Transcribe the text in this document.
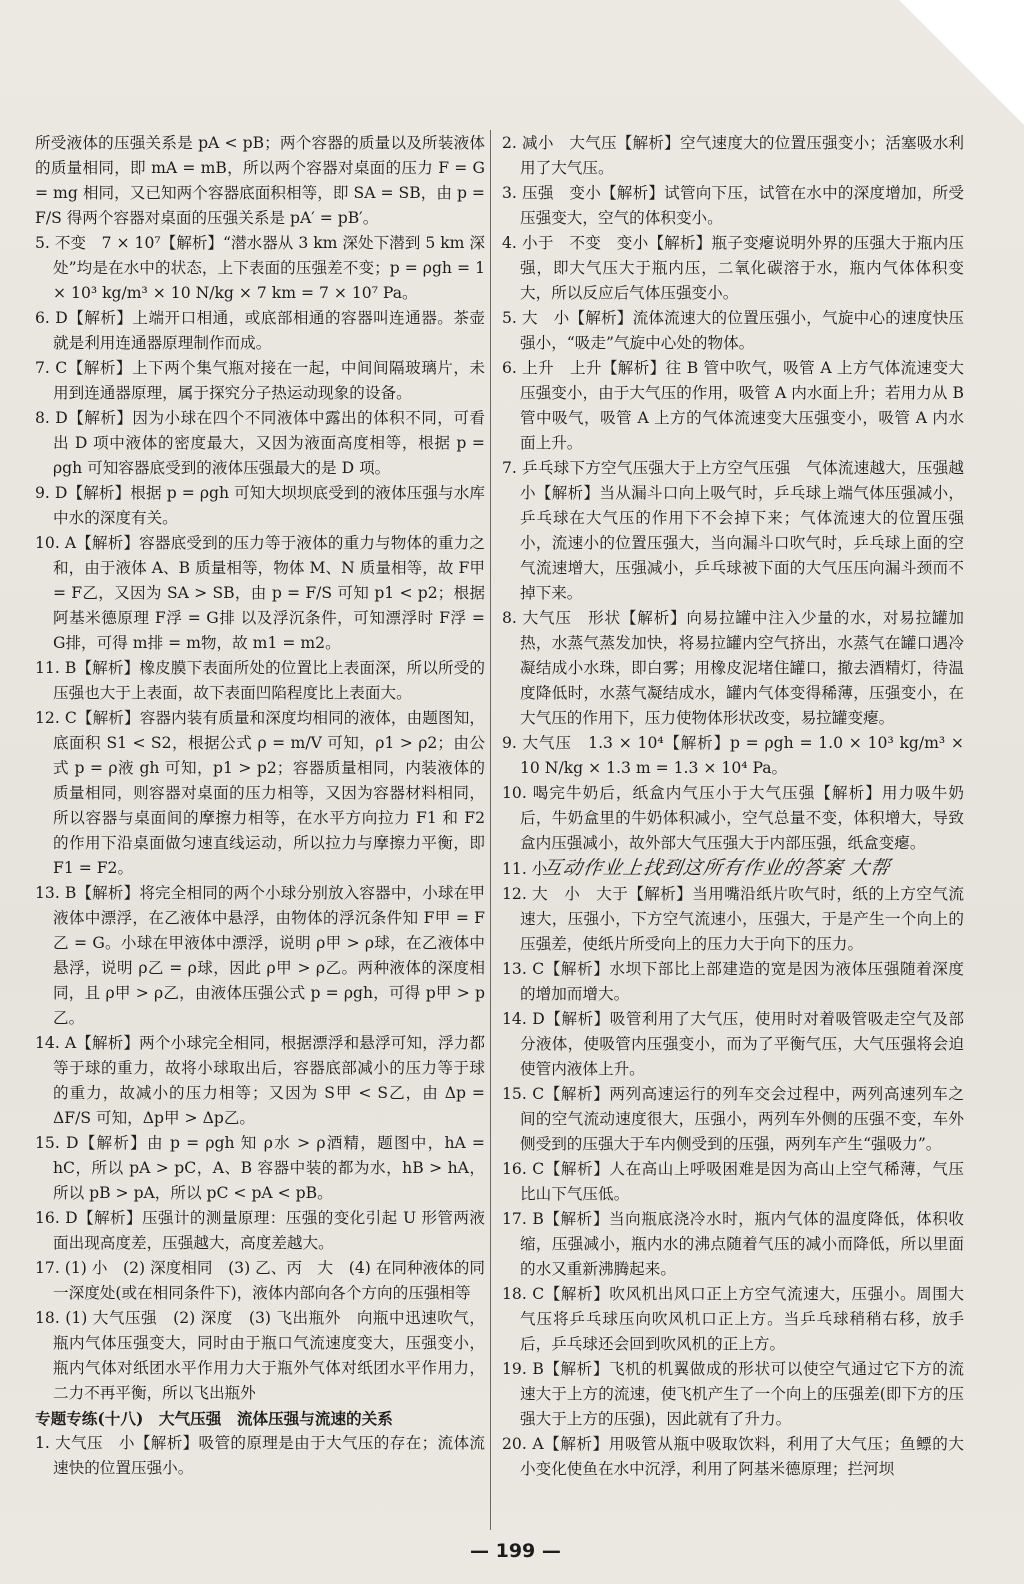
所受液体的压强关系是 pA < pB；两个容器的质量以及所装液体的质量相同，即 mA = mB，所以两个容器对桌面的压力 F = G = mg 相同，又已知两个容器底面积相等，即 SA = SB，由 p = F/S 得两个容器对桌面的压强关系是 pA′ = pB′。

5. 不变　7 × 10⁷【解析】“潜水器从 3 km 深处下潜到 5 km 深处”均是在水中的状态，上下表面的压强差不变；p = ρgh = 1 × 10³ kg/m³ × 10 N/kg × 7 km = 7 × 10⁷ Pa。

6. D【解析】上端开口相通，或底部相通的容器叫连通器。茶壶就是利用连通器原理制作而成。

7. C【解析】上下两个集气瓶对接在一起，中间间隔玻璃片，未用到连通器原理，属于探究分子热运动现象的设备。

8. D【解析】因为小球在四个不同液体中露出的体积不同，可看出 D 项中液体的密度最大，又因为液面高度相等，根据 p = ρgh 可知容器底受到的液体压强最大的是 D 项。

9. D【解析】根据 p = ρgh 可知大坝坝底受到的液体压强与水库中水的深度有关。

10. A【解析】容器底受到的压力等于液体的重力与物体的重力之和，由于液体 A、B 质量相等，物体 M、N 质量相等，故 F甲 = F乙，又因为 SA > SB，由 p = F/S 可知 p1 < p2；根据阿基米德原理 F浮 = G排 以及浮沉条件，可知漂浮时 F浮 = G排，可得 m排 = m物，故 m1 = m2。

11. B【解析】橡皮膜下表面所处的位置比上表面深，所以所受的压强也大于上表面，故下表面凹陷程度比上表面大。

12. C【解析】容器内装有质量和深度均相同的液体，由题图知，底面积 S1 < S2，根据公式 ρ = m/V 可知，ρ1 > ρ2；由公式 p = ρ液 gh 可知，p1 > p2；容器质量相同，内装液体的质量相同，则容器对桌面的压力相等，又因为容器材料相同，所以容器与桌面间的摩擦力相等，在水平方向拉力 F1 和 F2 的作用下沿桌面做匀速直线运动，所以拉力与摩擦力平衡，即 F1 = F2。

13. B【解析】将完全相同的两个小球分别放入容器中，小球在甲液体中漂浮，在乙液体中悬浮，由物体的浮沉条件知 F甲 = F乙 = G。小球在甲液体中漂浮，说明 ρ甲 > ρ球，在乙液体中悬浮，说明 ρ乙 = ρ球，因此 ρ甲 > ρ乙。两种液体的深度相同，且 ρ甲 > ρ乙，由液体压强公式 p = ρgh，可得 p甲 > p乙。

14. A【解析】两个小球完全相同，根据漂浮和悬浮可知，浮力都等于球的重力，故将小球取出后，容器底部减小的压力等于球的重力，故减小的压力相等；又因为 S甲 < S乙，由 Δp = ΔF/S 可知，Δp甲 > Δp乙。

15. D【解析】由 p = ρgh 知 ρ水 > ρ酒精，题图中，hA = hC，所以 pA > pC，A、B 容器中装的都为水，hB > hA，所以 pB > pA，所以 pC < pA < pB。

16. D【解析】压强计的测量原理：压强的变化引起 U 形管两液面出现高度差，压强越大，高度差越大。

17. (1) 小　(2) 深度相同　(3) 乙、丙　大　(4) 在同种液体的同一深度处(或在相同条件下)，液体内部向各个方向的压强相等

18. (1) 大气压强　(2) 深度　(3) 飞出瓶外　向瓶中迅速吹气，瓶内气体压强变大，同时由于瓶口气流速度变大，压强变小，瓶内气体对纸团水平作用力大于瓶外气体对纸团水平作用力，二力不再平衡，所以飞出瓶外

专题专练(十八)　大气压强　流体压强与流速的关系

1. 大气压　小【解析】吸管的原理是由于大气压的存在；流体流速快的位置压强小。

2. 减小　大气压【解析】空气速度大的位置压强变小；活塞吸水利用了大气压。

3. 压强　变小【解析】试管向下压，试管在水中的深度增加，所受压强变大，空气的体积变小。

4. 小于　不变　变小【解析】瓶子变瘪说明外界的压强大于瓶内压强，即大气压大于瓶内压，二氧化碳溶于水，瓶内气体体积变大，所以反应后气体压强变小。

5. 大　小【解析】流体流速大的位置压强小，气旋中心的速度快压强小，“吸走”气旋中心处的物体。

6. 上升　上升【解析】往 B 管中吹气，吸管 A 上方气体流速变大压强变小，由于大气压的作用，吸管 A 内水面上升；若用力从 B 管中吸气，吸管 A 上方的气体流速变大压强变小，吸管 A 内水面上升。

7. 乒乓球下方空气压强大于上方空气压强　气体流速越大，压强越小【解析】当从漏斗口向上吸气时，乒乓球上端气体压强减小，乒乓球在大气压的作用下不会掉下来；气体流速大的位置压强小，流速小的位置压强大，当向漏斗口吹气时，乒乓球上面的空气流速增大，压强减小，乒乓球被下面的大气压压向漏斗颈而不掉下来。

8. 大气压　形状【解析】向易拉罐中注入少量的水，对易拉罐加热，水蒸气蒸发加快，将易拉罐内空气挤出，水蒸气在罐口遇冷凝结成小水珠，即白雾；用橡皮泥堵住罐口，撤去酒精灯，待温度降低时，水蒸气凝结成水，罐内气体变得稀薄，压强变小，在大气压的作用下，压力使物体形状改变，易拉罐变瘪。

9. 大气压　1.3 × 10⁴【解析】p = ρgh = 1.0 × 10³ kg/m³ × 10 N/kg × 1.3 m = 1.3 × 10⁴ Pa。

10. 喝完牛奶后，纸盒内气压小于大气压强【解析】用力吸牛奶后，牛奶盒里的牛奶体积减小，空气总量不变，体积增大，导致盒内压强减小，故外部大气压强大于内部压强，纸盒变瘪。

11. 小互动作业上找到这所有作业的答案 大帮

12. 大　小　大于【解析】当用嘴沿纸片吹气时，纸的上方空气流速大，压强小，下方空气流速小，压强大，于是产生一个向上的压强差，使纸片所受向上的压力大于向下的压力。

13. C【解析】水坝下部比上部建造的宽是因为液体压强随着深度的增加而增大。

14. D【解析】吸管利用了大气压，使用时对着吸管吸走空气及部分液体，使吸管内压强变小，而为了平衡气压，大气压强将会迫使管内液体上升。

15. C【解析】两列高速运行的列车交会过程中，两列高速列车之间的空气流动速度很大，压强小，两列车外侧的压强不变，车外侧受到的压强大于车内侧受到的压强，两列车产生“强吸力”。

16. C【解析】人在高山上呼吸困难是因为高山上空气稀薄，气压比山下气压低。

17. B【解析】当向瓶底浇冷水时，瓶内气体的温度降低，体积收缩，压强减小，瓶内水的沸点随着气压的减小而降低，所以里面的水又重新沸腾起来。

18. C【解析】吹风机出风口正上方空气流速大，压强小。周围大气压将乒乓球压向吹风机口正上方。当乒乓球稍稍右移，放手后，乒乓球还会回到吹风机的正上方。

19. B【解析】飞机的机翼做成的形状可以使空气通过它下方的流速大于上方的流速，使飞机产生了一个向上的压强差(即下方的压强大于上方的压强)，因此就有了升力。

20. A【解析】用吸管从瓶中吸取饮料，利用了大气压；鱼鳔的大小变化使鱼在水中沉浮，利用了阿基米德原理；拦河坝

— 199 —
